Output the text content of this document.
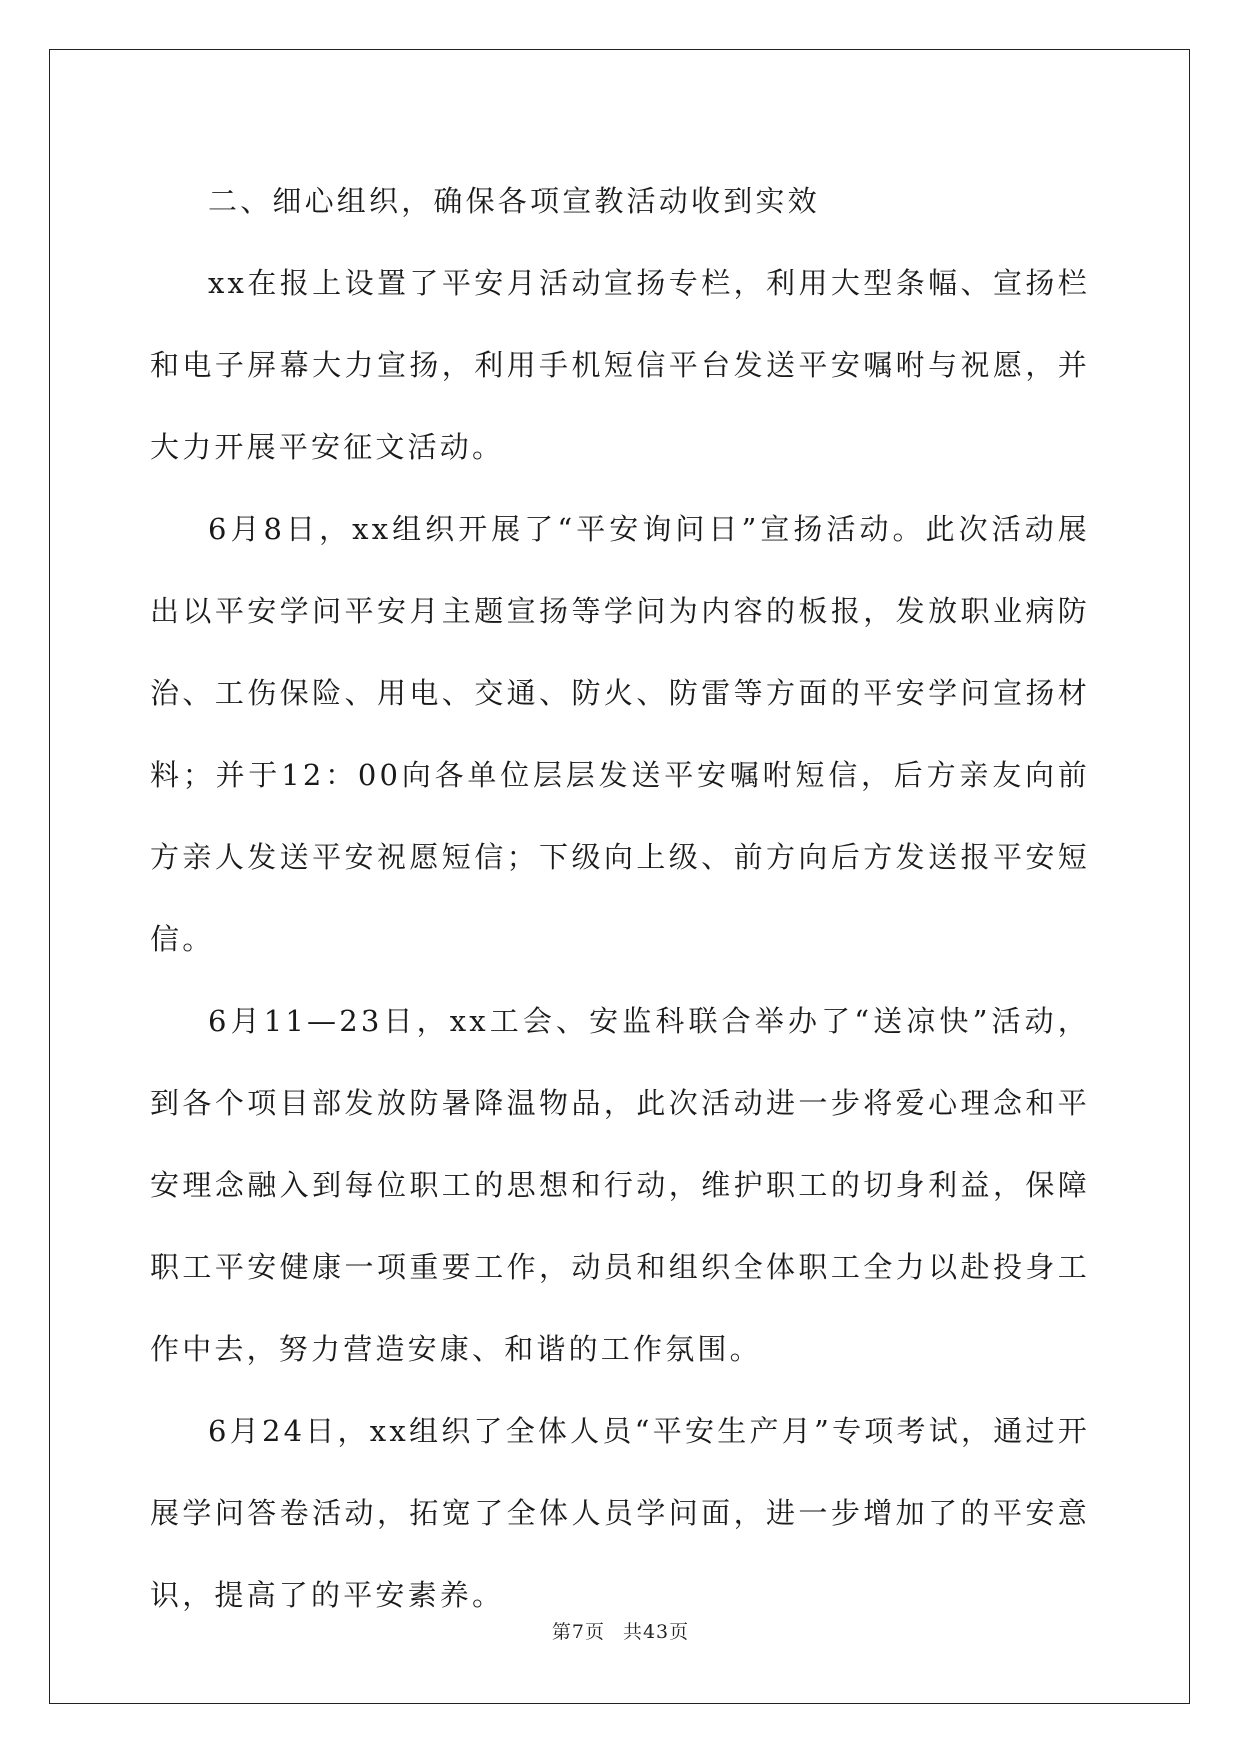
二、细心组织，确保各项宣教活动收到实效

xx在报上设置了平安月活动宣扬专栏，利用大型条幅、宣扬栏和电子屏幕大力宣扬，利用手机短信平台发送平安嘱咐与祝愿，并大力开展平安征文活动。

6月8日，xx组织开展了“平安询问日”宣扬活动。此次活动展出以平安学问平安月主题宣扬等学问为内容的板报，发放职业病防治、工伤保险、用电、交通、防火、防雷等方面的平安学问宣扬材料；并于12：00向各单位层层发送平安嘱咐短信，后方亲友向前方亲人发送平安祝愿短信；下级向上级、前方向后方发送报平安短信。

6月11—23日，xx工会、安监科联合举办了“送凉快”活动，到各个项目部发放防暑降温物品，此次活动进一步将爱心理念和平安理念融入到每位职工的思想和行动，维护职工的切身利益，保障职工平安健康一项重要工作，动员和组织全体职工全力以赴投身工作中去，努力营造安康、和谐的工作氛围。

6月24日，xx组织了全体人员“平安生产月”专项考试，通过开展学问答卷活动，拓宽了全体人员学问面，进一步增加了的平安意识，提高了的平安素养。

第7页 共43页
